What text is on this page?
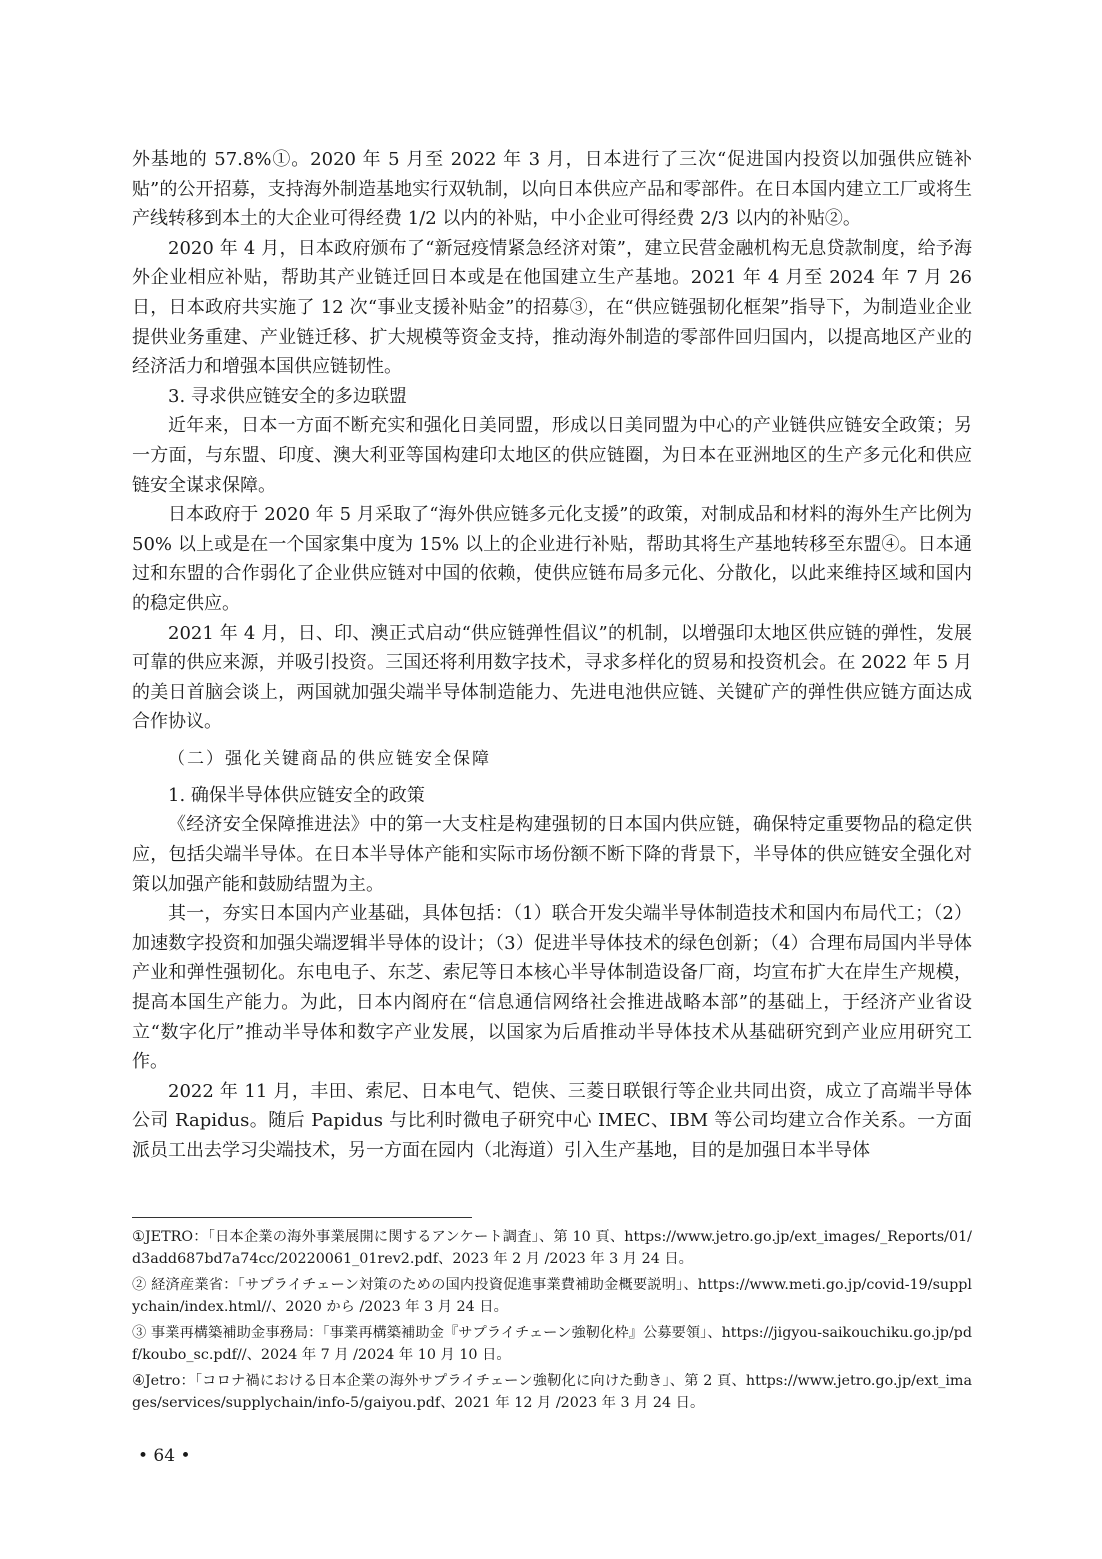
外基地的 57.8%①。2020 年 5 月至 2022 年 3 月，日本进行了三次“促进国内投资以加强供应链补贴”的公开招募，支持海外制造基地实行双轨制，以向日本供应产品和零部件。在日本国内建立工厂或将生产线转移到本土的大企业可得经费 1/2 以内的补贴，中小企业可得经费 2/3 以内的补贴②。

2020 年 4 月，日本政府颁布了“新冠疫情紧急经济对策”，建立民营金融机构无息贷款制度，给予海外企业相应补贴，帮助其产业链迁回日本或是在他国建立生产基地。2021 年 4 月至 2024 年 7 月 26 日，日本政府共实施了 12 次“事业支援补贴金”的招募③，在“供应链强韧化框架”指导下，为制造业企业提供业务重建、产业链迁移、扩大规模等资金支持，推动海外制造的零部件回归国内，以提高地区产业的经济活力和增强本国供应链韧性。

3. 寻求供应链安全的多边联盟

近年来，日本一方面不断充实和强化日美同盟，形成以日美同盟为中心的产业链供应链安全政策；另一方面，与东盟、印度、澳大利亚等国构建印太地区的供应链圈，为日本在亚洲地区的生产多元化和供应链安全谋求保障。

日本政府于 2020 年 5 月采取了“海外供应链多元化支援”的政策，对制成品和材料的海外生产比例为 50% 以上或是在一个国家集中度为 15% 以上的企业进行补贴，帮助其将生产基地转移至东盟④。日本通过和东盟的合作弱化了企业供应链对中国的依赖，使供应链布局多元化、分散化，以此来维持区域和国内的稳定供应。

2021 年 4 月，日、印、澳正式启动“供应链弹性倡议”的机制，以增强印太地区供应链的弹性，发展可靠的供应来源，并吸引投资。三国还将利用数字技术，寻求多样化的贸易和投资机会。在 2022 年 5 月的美日首脑会谈上，两国就加强尖端半导体制造能力、先进电池供应链、关键矿产的弹性供应链方面达成合作协议。

（二）强化关键商品的供应链安全保障

1. 确保半导体供应链安全的政策

《经济安全保障推进法》中的第一大支柱是构建强韧的日本国内供应链，确保特定重要物品的稳定供应，包括尖端半导体。在日本半导体产能和实际市场份额不断下降的背景下，半导体的供应链安全强化对策以加强产能和鼓励结盟为主。

其一，夯实日本国内产业基础，具体包括：（1）联合开发尖端半导体制造技术和国内布局代工；（2）加速数字投资和加强尖端逻辑半导体的设计；（3）促进半导体技术的绿色创新；（4）合理布局国内半导体产业和弹性强韧化。东电电子、东芝、索尼等日本核心半导体制造设备厂商，均宣布扩大在岸生产规模，提高本国生产能力。为此，日本内阁府在“信息通信网络社会推进战略本部”的基础上，于经济产业省设立“数字化厅”推动半导体和数字产业发展，以国家为后盾推动半导体技术从基础研究到产业应用研究工作。

2022 年 11 月，丰田、索尼、日本电气、铠侠、三菱日联银行等企业共同出资，成立了高端半导体公司 Rapidus。随后 Papidus 与比利时微电子研究中心 IMEC、IBM 等公司均建立合作关系。一方面派员工出去学习尖端技术，另一方面在园内（北海道）引入生产基地，目的是加强日本半导体

①JETRO：「日本企業の海外事業展開に関するアンケート調査」、第 10 頁、https://www.jetro.go.jp/ext_images/_Reports/01/d3add687bd7a74cc/20220061_01rev2.pdf、2023 年 2 月 /2023 年 3 月 24 日。

② 経済産業省：「サプライチェーン対策のための国内投資促進事業費補助金概要説明」、https://www.meti.go.jp/covid-19/supplychain/index.html//、2020 から /2023 年 3 月 24 日。

③ 事業再構築補助金事務局：「事業再構築補助金『サプライチェーン強靭化枠』公募要領」、https://jigyou-saikouchiku.go.jp/pdf/koubo_sc.pdf//、2024 年 7 月 /2024 年 10 月 10 日。

④Jetro：「コロナ禍における日本企業の海外サプライチェーン強靭化に向けた動き」、第 2 頁、https://www.jetro.go.jp/ext_images/services/supplychain/info-5/gaiyou.pdf、2021 年 12 月 /2023 年 3 月 24 日。

• 64 •
